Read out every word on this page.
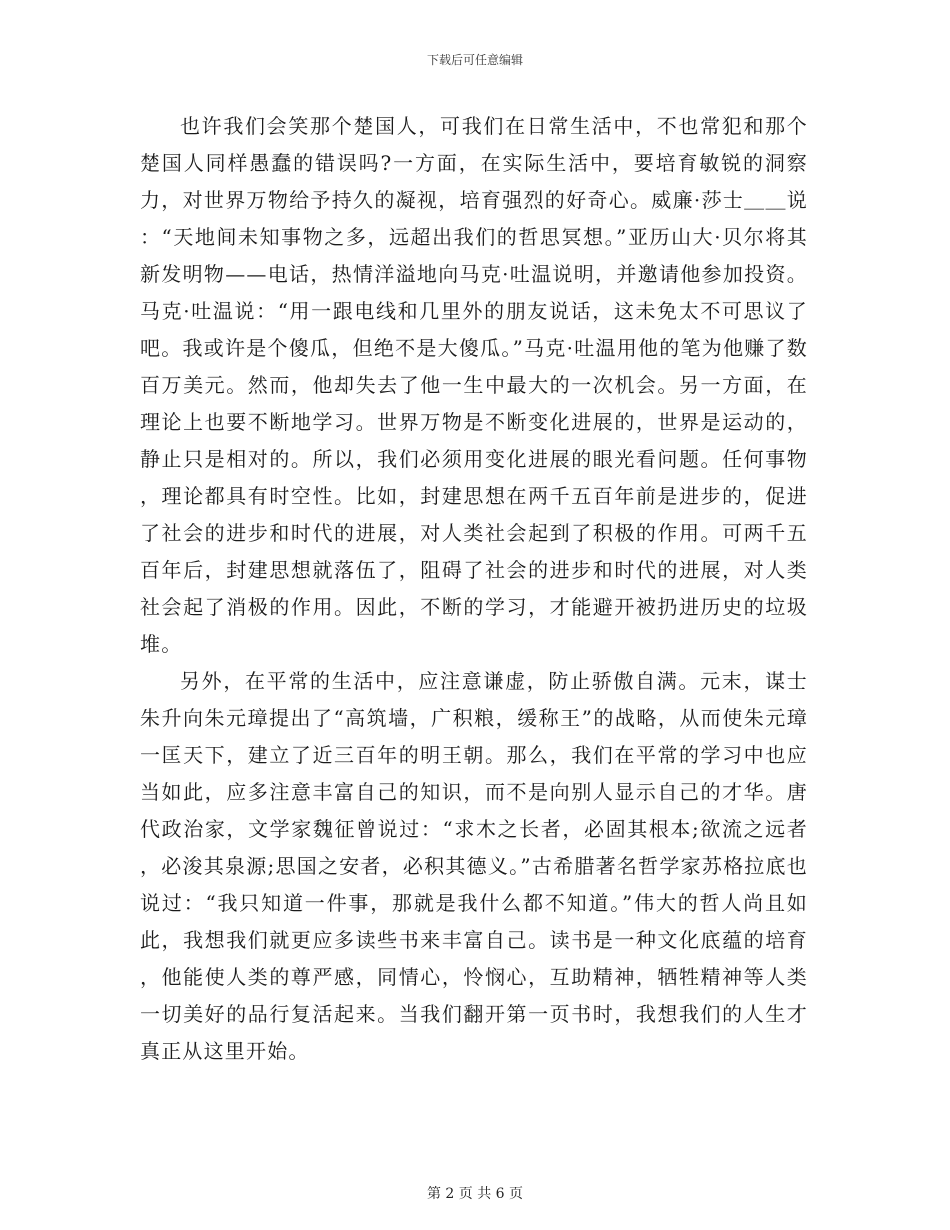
下载后可任意编辑

也许我们会笑那个楚国人，可我们在日常生活中，不也常犯和那个楚国人同样愚蠢的错误吗?一方面，在实际生活中，要培育敏锐的洞察力，对世界万物给予持久的凝视，培育强烈的好奇心。威廉·莎士＿＿说：“天地间未知事物之多，远超出我们的哲思冥想。”亚历山大·贝尔将其新发明物——电话，热情洋溢地向马克·吐温说明，并邀请他参加投资。马克·吐温说：“用一跟电线和几里外的朋友说话，这未免太不可思议了吧。我或许是个傻瓜，但绝不是大傻瓜。”马克·吐温用他的笔为他赚了数百万美元。然而，他却失去了他一生中最大的一次机会。另一方面，在理论上也要不断地学习。世界万物是不断变化进展的，世界是运动的，静止只是相对的。所以，我们必须用变化进展的眼光看问题。任何事物，理论都具有时空性。比如，封建思想在两千五百年前是进步的，促进了社会的进步和时代的进展，对人类社会起到了积极的作用。可两千五百年后，封建思想就落伍了，阻碍了社会的进步和时代的进展，对人类社会起了消极的作用。因此，不断的学习，才能避开被扔进历史的垃圾堆。

另外，在平常的生活中，应注意谦虚，防止骄傲自满。元末，谋士朱升向朱元璋提出了“高筑墙，广积粮，缓称王”的战略，从而使朱元璋一匡天下，建立了近三百年的明王朝。那么，我们在平常的学习中也应当如此，应多注意丰富自己的知识，而不是向别人显示自己的才华。唐代政治家，文学家魏征曾说过：“求木之长者，必固其根本;欲流之远者，必浚其泉源;思国之安者，必积其德义。”古希腊著名哲学家苏格拉底也说过：“我只知道一件事，那就是我什么都不知道。”伟大的哲人尚且如此，我想我们就更应多读些书来丰富自己。读书是一种文化底蕴的培育，他能使人类的尊严感，同情心，怜悯心，互助精神，牺牲精神等人类一切美好的品行复活起来。当我们翻开第一页书时，我想我们的人生才真正从这里开始。

第 2 页 共 6 页
